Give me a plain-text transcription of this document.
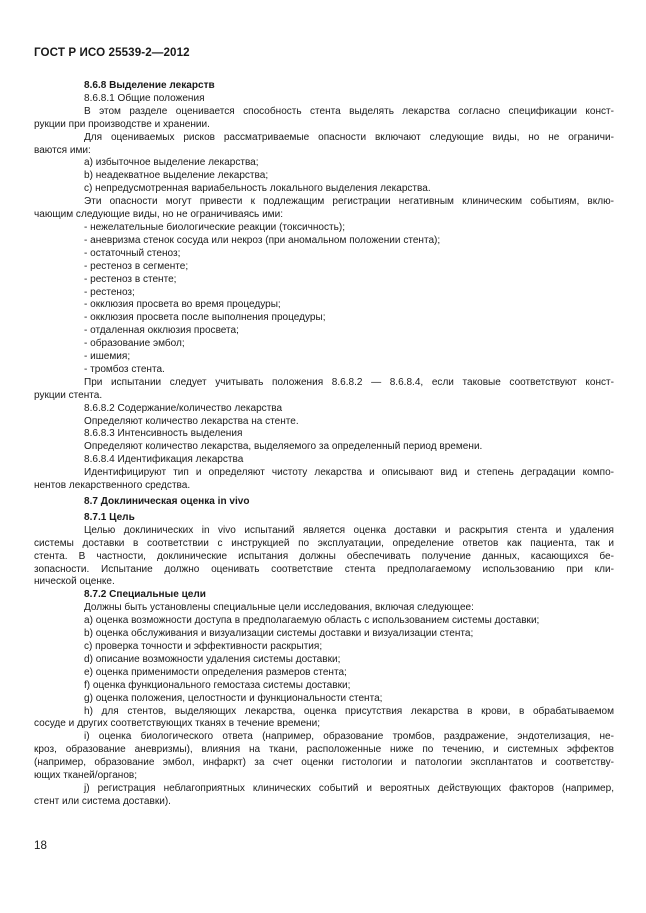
ГОСТ Р ИСО 25539-2—2012

8.6.8 Выделение лекарств

8.6.8.1 Общие положения

В этом разделе оценивается способность стента выделять лекарства согласно спецификации конст-

рукции при производстве и хранении.

Для оцениваемых рисков рассматриваемые опасности включают следующие виды, но не ограничи-

ваются ими:

a) избыточное выделение лекарства;

b) неадекватное выделение лекарства;

c) непредусмотренная вариабельность локального выделения лекарства.

Эти опасности могут привести к подлежащим регистрации негативным клиническим событиям, вклю-

чающим следующие виды, но не ограничиваясь ими:

- нежелательные биологические реакции (токсичность);

- аневризма стенок сосуда или некроз (при аномальном положении стента);

- остаточный стеноз;

- рестеноз в сегменте;

- рестеноз в стенте;

- рестеноз;

- окклюзия просвета во время процедуры;

- окклюзия просвета после выполнения процедуры;

- отдаленная окклюзия просвета;

- образование эмбол;

- ишемия;

- тромбоз стента.

При испытании следует учитывать положения 8.6.8.2 — 8.6.8.4, если таковые соответствуют конст-

рукции стента.

8.6.8.2 Содержание/количество лекарства

Определяют количество лекарства на стенте.

8.6.8.3 Интенсивность выделения

Определяют количество лекарства, выделяемого за определенный период времени.

8.6.8.4 Идентификация лекарства

Идентифицируют тип и определяют чистоту лекарства и описывают вид и степень деградации компо-

нентов лекарственного средства.

8.7 Доклиническая оценка in vivo

8.7.1 Цель

Целью доклинических in vivo испытаний является оценка доставки и раскрытия стента и удаления

системы доставки в соответствии с инструкцией по эксплуатации, определение ответов как пациента, так и

стента. В частности, доклинические испытания должны обеспечивать получение данных, касающихся бе-

зопасности. Испытание должно оценивать соответствие стента предполагаемому использованию при кли-

нической оценке.

8.7.2 Специальные цели

Должны быть установлены специальные цели исследования, включая следующее:

a) оценка возможности доступа в предполагаемую область с использованием системы доставки;

b) оценка обслуживания и визуализации системы доставки и визуализации стента;

c) проверка точности и эффективности раскрытия;

d) описание возможности удаления системы доставки;

e) оценка применимости определения размеров стента;

f) оценка функционального гемостаза системы доставки;

g) оценка положения, целостности и функциональности стента;

h) для стентов, выделяющих лекарства, оценка присутствия лекарства в крови, в обрабатываемом

сосуде и других соответствующих тканях в течение времени;

i) оценка биологического ответа (например, образование тромбов, раздражение, эндотелизация, не-

кроз, образование аневризмы), влияния на ткани, расположенные ниже по течению, и системных эффектов

(например, образование эмбол, инфаркт) за счет оценки гистологии и патологии эксплантатов и соответству-

ющих тканей/органов;

j) регистрация неблагоприятных клинических событий и вероятных действующих факторов (например,

стент или система доставки).

18
